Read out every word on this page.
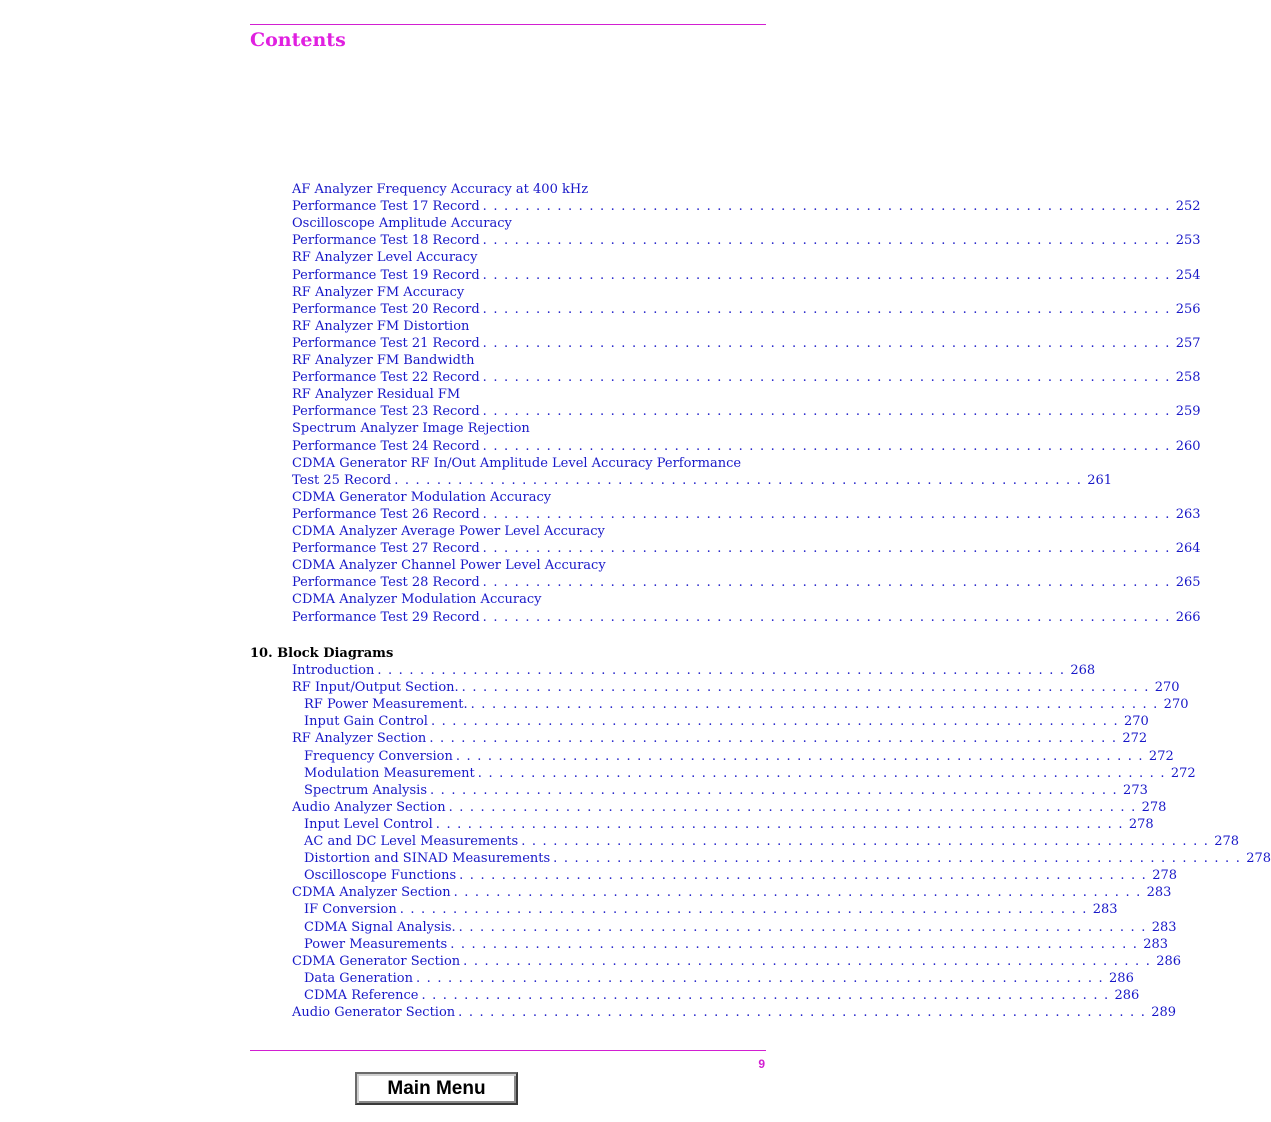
Contents
AF Analyzer Frequency Accuracy at 400 kHz
Performance Test 17 Record . . . . . . . . . . . . . . . . . . . . . . . . . . . . . . . . . . . . . . . . . . . . . . . . . . . . . . . . . . . . . . . . . 252
Oscilloscope Amplitude Accuracy
Performance Test 18 Record . . . . . . . . . . . . . . . . . . . . . . . . . . . . . . . . . . . . . . . . . . . . . . . . . . . . . . . . . . . . . . . . . 253
RF Analyzer Level Accuracy
Performance Test 19 Record . . . . . . . . . . . . . . . . . . . . . . . . . . . . . . . . . . . . . . . . . . . . . . . . . . . . . . . . . . . . . . . . . 254
RF Analyzer FM Accuracy
Performance Test 20 Record . . . . . . . . . . . . . . . . . . . . . . . . . . . . . . . . . . . . . . . . . . . . . . . . . . . . . . . . . . . . . . . . . 256
RF Analyzer FM Distortion
Performance Test 21 Record . . . . . . . . . . . . . . . . . . . . . . . . . . . . . . . . . . . . . . . . . . . . . . . . . . . . . . . . . . . . . . . . . 257
RF Analyzer FM Bandwidth
Performance Test 22 Record . . . . . . . . . . . . . . . . . . . . . . . . . . . . . . . . . . . . . . . . . . . . . . . . . . . . . . . . . . . . . . . . . 258
RF Analyzer Residual FM
Performance Test 23 Record . . . . . . . . . . . . . . . . . . . . . . . . . . . . . . . . . . . . . . . . . . . . . . . . . . . . . . . . . . . . . . . . . 259
Spectrum Analyzer Image Rejection
Performance Test 24 Record . . . . . . . . . . . . . . . . . . . . . . . . . . . . . . . . . . . . . . . . . . . . . . . . . . . . . . . . . . . . . . . . . 260
CDMA Generator RF In/Out Amplitude Level Accuracy Performance
Test 25 Record . . . . . . . . . . . . . . . . . . . . . . . . . . . . . . . . . . . . . . . . . . . . . . . . . . . . . . . . . . . . . . . . . 261
CDMA Generator Modulation Accuracy
Performance Test 26 Record . . . . . . . . . . . . . . . . . . . . . . . . . . . . . . . . . . . . . . . . . . . . . . . . . . . . . . . . . . . . . . . . . 263
CDMA Analyzer Average Power Level Accuracy
Performance Test 27 Record . . . . . . . . . . . . . . . . . . . . . . . . . . . . . . . . . . . . . . . . . . . . . . . . . . . . . . . . . . . . . . . . . 264
CDMA Analyzer Channel Power Level Accuracy
Performance Test 28 Record . . . . . . . . . . . . . . . . . . . . . . . . . . . . . . . . . . . . . . . . . . . . . . . . . . . . . . . . . . . . . . . . . 265
CDMA Analyzer Modulation Accuracy
Performance Test 29 Record . . . . . . . . . . . . . . . . . . . . . . . . . . . . . . . . . . . . . . . . . . . . . . . . . . . . . . . . . . . . . . . . . 266
10. Block Diagrams
Introduction . . . . . . . . . . . . . . . . . . . . . . . . . . . . . . . . . . . . . . . . . . . . . . . . . . . . . . . . . . . . . . . . . 268
RF Input/Output Section. . . . . . . . . . . . . . . . . . . . . . . . . . . . . . . . . . . . . . . . . . . . . . . . . . . . . . . . . . . . . . . . . . 270
RF Power Measurement. . . . . . . . . . . . . . . . . . . . . . . . . . . . . . . . . . . . . . . . . . . . . . . . . . . . . . . . . . . . . . . . . . 270
Input Gain Control . . . . . . . . . . . . . . . . . . . . . . . . . . . . . . . . . . . . . . . . . . . . . . . . . . . . . . . . . . . . . . . . . 270
RF Analyzer Section . . . . . . . . . . . . . . . . . . . . . . . . . . . . . . . . . . . . . . . . . . . . . . . . . . . . . . . . . . . . . . . . . 272
Frequency Conversion . . . . . . . . . . . . . . . . . . . . . . . . . . . . . . . . . . . . . . . . . . . . . . . . . . . . . . . . . . . . . . . . . 272
Modulation Measurement . . . . . . . . . . . . . . . . . . . . . . . . . . . . . . . . . . . . . . . . . . . . . . . . . . . . . . . . . . . . . . . . . 272
Spectrum Analysis . . . . . . . . . . . . . . . . . . . . . . . . . . . . . . . . . . . . . . . . . . . . . . . . . . . . . . . . . . . . . . . . . 273
Audio Analyzer Section . . . . . . . . . . . . . . . . . . . . . . . . . . . . . . . . . . . . . . . . . . . . . . . . . . . . . . . . . . . . . . . . . 278
Input Level Control . . . . . . . . . . . . . . . . . . . . . . . . . . . . . . . . . . . . . . . . . . . . . . . . . . . . . . . . . . . . . . . . . 278
AC and DC Level Measurements . . . . . . . . . . . . . . . . . . . . . . . . . . . . . . . . . . . . . . . . . . . . . . . . . . . . . . . . . . . . . . . . . 278
Distortion and SINAD Measurements . . . . . . . . . . . . . . . . . . . . . . . . . . . . . . . . . . . . . . . . . . . . . . . . . . . . . . . . . . . . . . . . . 278
Oscilloscope Functions . . . . . . . . . . . . . . . . . . . . . . . . . . . . . . . . . . . . . . . . . . . . . . . . . . . . . . . . . . . . . . . . . 278
CDMA Analyzer Section . . . . . . . . . . . . . . . . . . . . . . . . . . . . . . . . . . . . . . . . . . . . . . . . . . . . . . . . . . . . . . . . . 283
IF Conversion . . . . . . . . . . . . . . . . . . . . . . . . . . . . . . . . . . . . . . . . . . . . . . . . . . . . . . . . . . . . . . . . . 283
CDMA Signal Analysis. . . . . . . . . . . . . . . . . . . . . . . . . . . . . . . . . . . . . . . . . . . . . . . . . . . . . . . . . . . . . . . . . . 283
Power Measurements . . . . . . . . . . . . . . . . . . . . . . . . . . . . . . . . . . . . . . . . . . . . . . . . . . . . . . . . . . . . . . . . . 283
CDMA Generator Section . . . . . . . . . . . . . . . . . . . . . . . . . . . . . . . . . . . . . . . . . . . . . . . . . . . . . . . . . . . . . . . . . 286
Data Generation . . . . . . . . . . . . . . . . . . . . . . . . . . . . . . . . . . . . . . . . . . . . . . . . . . . . . . . . . . . . . . . . . 286
CDMA Reference . . . . . . . . . . . . . . . . . . . . . . . . . . . . . . . . . . . . . . . . . . . . . . . . . . . . . . . . . . . . . . . . . 286
Audio Generator Section . . . . . . . . . . . . . . . . . . . . . . . . . . . . . . . . . . . . . . . . . . . . . . . . . . . . . . . . . . . . . . . . . 289
9
Main Menu
